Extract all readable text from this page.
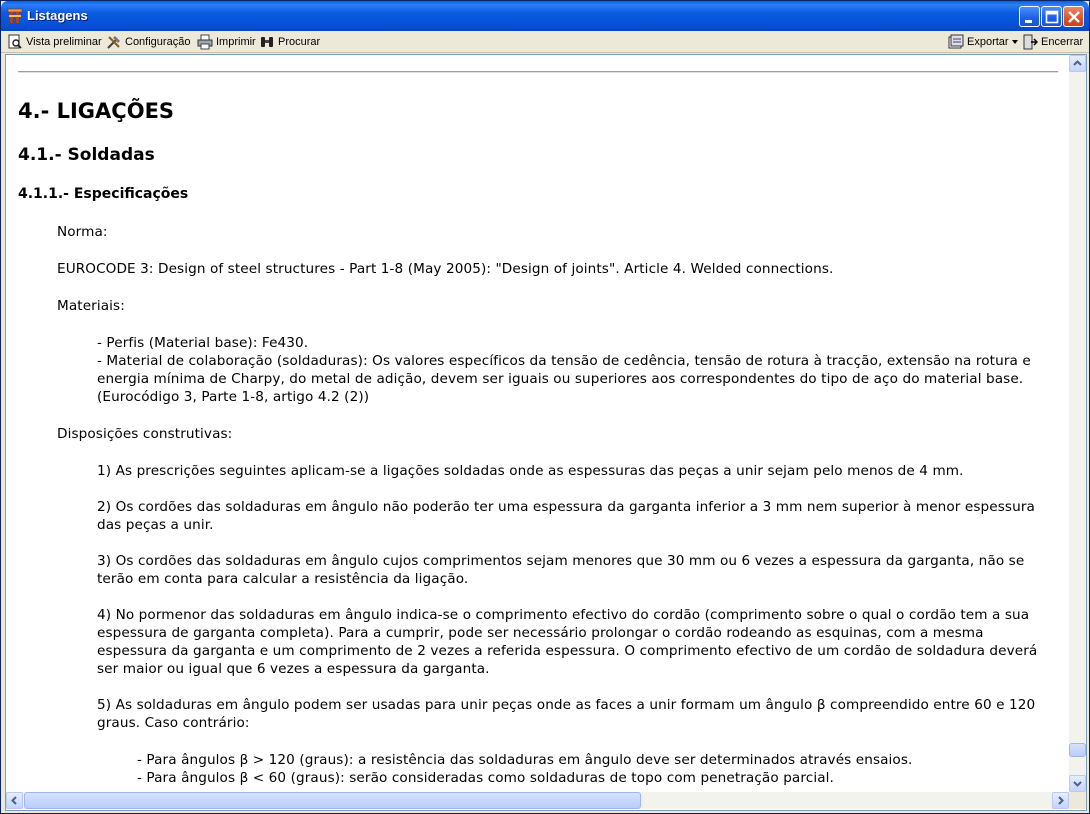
Listagens
Vista preliminar Configuração Imprimir Procurar	Exportar	Encerrar
4.- LIGAÇÕES
4.1.- Soldadas
4.1.1.- Especificações
Norma:
EUROCODE 3: Design of steel structures - Part 1-8 (May 2005): "Design of joints". Article 4. Welded connections.
Materiais:
- Perfis (Material base): Fe430.
- Material de colaboração (soldaduras): Os valores específicos da tensão de cedência, tensão de rotura à tracção, extensão na rotura e energia mínima de Charpy, do metal de adição, devem ser iguais ou superiores aos correspondentes do tipo de aço do material base. (Eurocódigo 3, Parte 1-8, artigo 4.2 (2))
Disposições construtivas:
1) As prescrições seguintes aplicam-se a ligações soldadas onde as espessuras das peças a unir sejam pelo menos de 4 mm.
2) Os cordões das soldaduras em ângulo não poderão ter uma espessura da garganta inferior a 3 mm nem superior à menor espessura das peças a unir.
3) Os cordões das soldaduras em ângulo cujos comprimentos sejam menores que 30 mm ou 6 vezes a espessura da garganta, não se terão em conta para calcular a resistência da ligação.
4) No pormenor das soldaduras em ângulo indica-se o comprimento efectivo do cordão (comprimento sobre o qual o cordão tem a sua espessura de garganta completa). Para a cumprir, pode ser necessário prolongar o cordão rodeando as esquinas, com a mesma espessura da garganta e um comprimento de 2 vezes a referida espessura. O comprimento efectivo de um cordão de soldadura deverá ser maior ou igual que 6 vezes a espessura da garganta.
5) As soldaduras em ângulo podem ser usadas para unir peças onde as faces a unir formam um ângulo β compreendido entre 60 e 120 graus. Caso contrário:
- Para ângulos β > 120 (graus): a resistência das soldaduras em ângulo deve ser determinados através ensaios.
- Para ângulos β < 60 (graus): serão consideradas como soldaduras de topo com penetração parcial.
